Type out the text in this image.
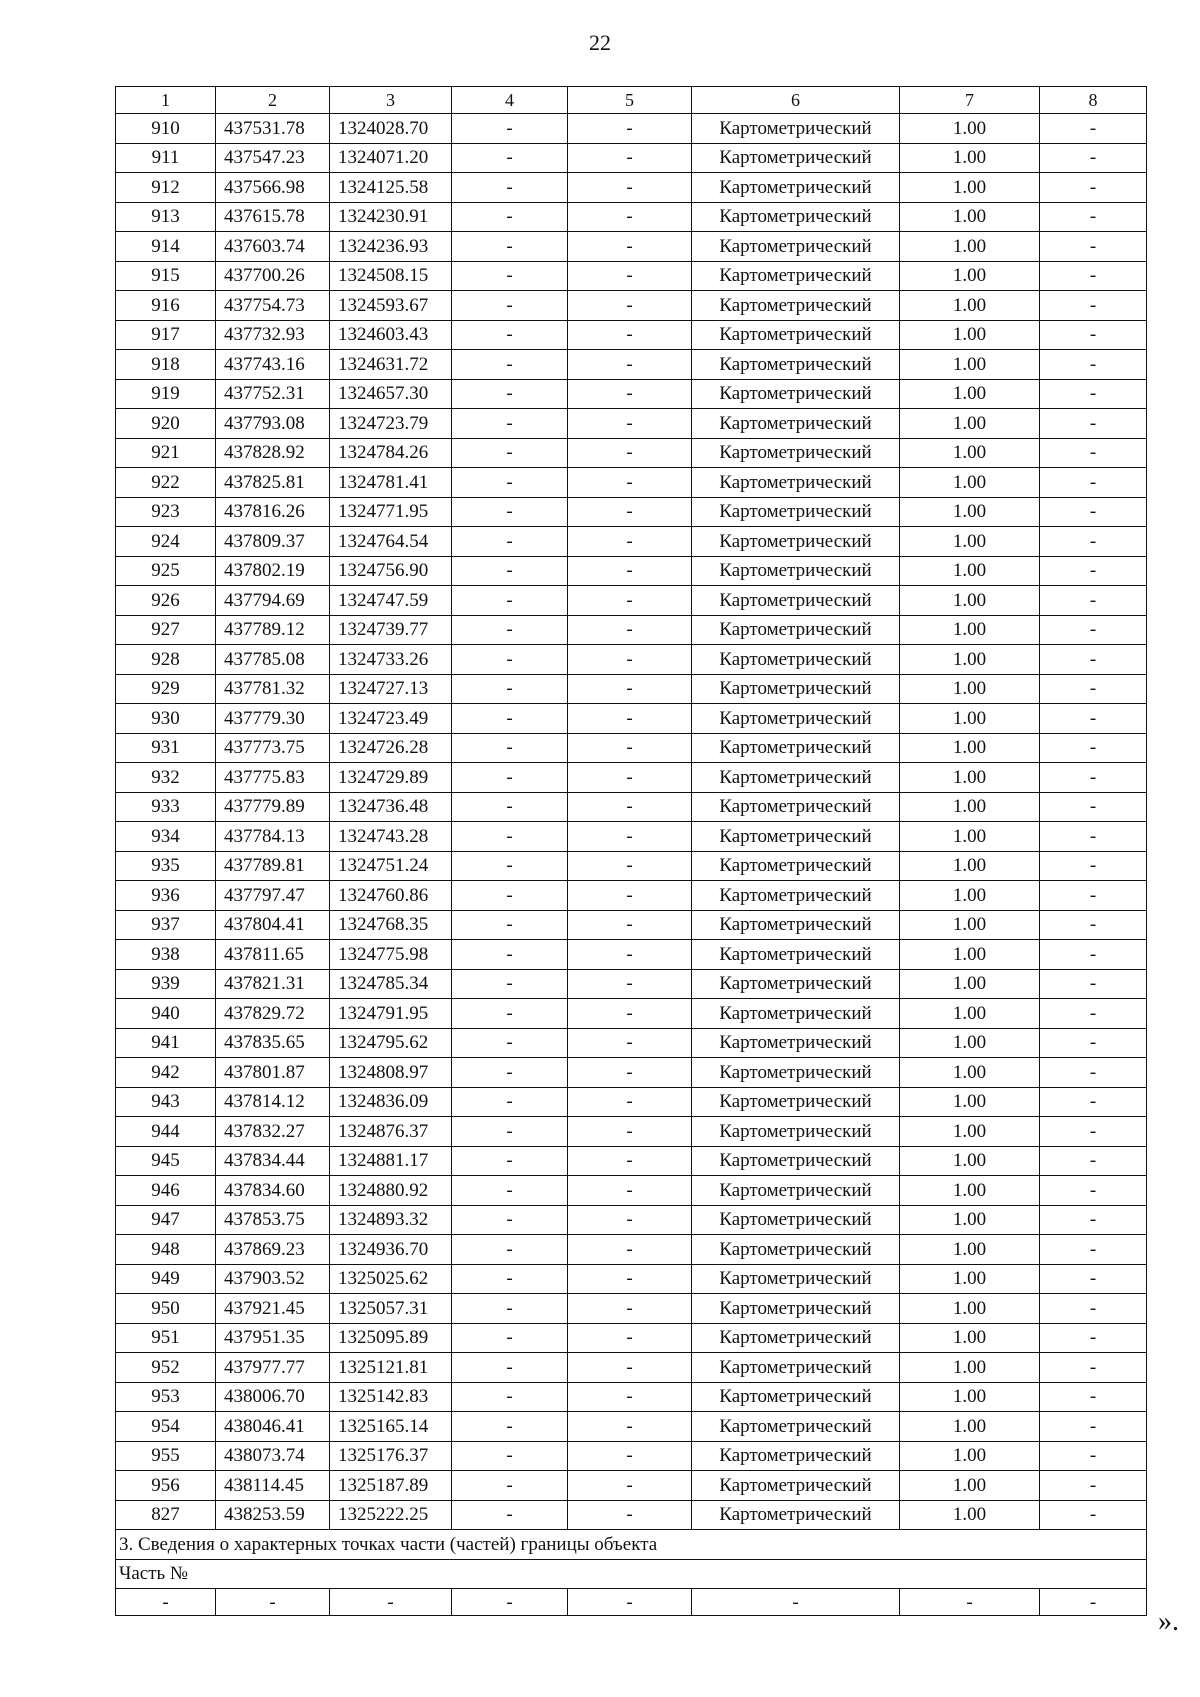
22
1	2	3	4	5	6	7	8
910	437531.78	1324028.70	-	-	Картометрический	1.00	-
911	437547.23	1324071.20	-	-	Картометрический	1.00	-
912	437566.98	1324125.58	-	-	Картометрический	1.00	-
913	437615.78	1324230.91	-	-	Картометрический	1.00	-
914	437603.74	1324236.93	-	-	Картометрический	1.00	-
915	437700.26	1324508.15	-	-	Картометрический	1.00	-
916	437754.73	1324593.67	-	-	Картометрический	1.00	-
917	437732.93	1324603.43	-	-	Картометрический	1.00	-
918	437743.16	1324631.72	-	-	Картометрический	1.00	-
919	437752.31	1324657.30	-	-	Картометрический	1.00	-
920	437793.08	1324723.79	-	-	Картометрический	1.00	-
921	437828.92	1324784.26	-	-	Картометрический	1.00	-
922	437825.81	1324781.41	-	-	Картометрический	1.00	-
923	437816.26	1324771.95	-	-	Картометрический	1.00	-
924	437809.37	1324764.54	-	-	Картометрический	1.00	-
925	437802.19	1324756.90	-	-	Картометрический	1.00	-
926	437794.69	1324747.59	-	-	Картометрический	1.00	-
927	437789.12	1324739.77	-	-	Картометрический	1.00	-
928	437785.08	1324733.26	-	-	Картометрический	1.00	-
929	437781.32	1324727.13	-	-	Картометрический	1.00	-
930	437779.30	1324723.49	-	-	Картометрический	1.00	-
931	437773.75	1324726.28	-	-	Картометрический	1.00	-
932	437775.83	1324729.89	-	-	Картометрический	1.00	-
933	437779.89	1324736.48	-	-	Картометрический	1.00	-
934	437784.13	1324743.28	-	-	Картометрический	1.00	-
935	437789.81	1324751.24	-	-	Картометрический	1.00	-
936	437797.47	1324760.86	-	-	Картометрический	1.00	-
937	437804.41	1324768.35	-	-	Картометрический	1.00	-
938	437811.65	1324775.98	-	-	Картометрический	1.00	-
939	437821.31	1324785.34	-	-	Картометрический	1.00	-
940	437829.72	1324791.95	-	-	Картометрический	1.00	-
941	437835.65	1324795.62	-	-	Картометрический	1.00	-
942	437801.87	1324808.97	-	-	Картометрический	1.00	-
943	437814.12	1324836.09	-	-	Картометрический	1.00	-
944	437832.27	1324876.37	-	-	Картометрический	1.00	-
945	437834.44	1324881.17	-	-	Картометрический	1.00	-
946	437834.60	1324880.92	-	-	Картометрический	1.00	-
947	437853.75	1324893.32	-	-	Картометрический	1.00	-
948	437869.23	1324936.70	-	-	Картометрический	1.00	-
949	437903.52	1325025.62	-	-	Картометрический	1.00	-
950	437921.45	1325057.31	-	-	Картометрический	1.00	-
951	437951.35	1325095.89	-	-	Картометрический	1.00	-
952	437977.77	1325121.81	-	-	Картометрический	1.00	-
953	438006.70	1325142.83	-	-	Картометрический	1.00	-
954	438046.41	1325165.14	-	-	Картометрический	1.00	-
955	438073.74	1325176.37	-	-	Картометрический	1.00	-
956	438114.45	1325187.89	-	-	Картометрический	1.00	-
827	438253.59	1325222.25	-	-	Картометрический	1.00	-
3. Сведения о характерных точках части (частей) границы объекта							
Часть №							
-	-	-	-	-	-	-	-
».
